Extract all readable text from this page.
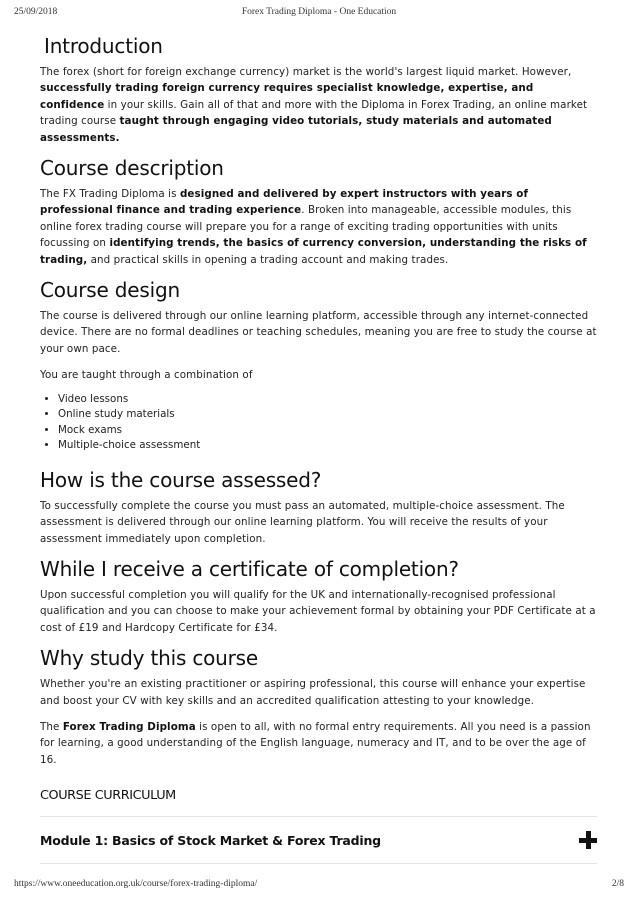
25/09/2018	Forex Trading Diploma - One Education
Introduction

The forex (short for foreign exchange currency) market is the world's largest liquid market. However, successfully trading foreign currency requires specialist knowledge, expertise, and confidence in your skills. Gain all of that and more with the Diploma in Forex Trading, an online market trading course taught through engaging video tutorials, study materials and automated assessments.

Course description

The FX Trading Diploma is designed and delivered by expert instructors with years of professional finance and trading experience. Broken into manageable, accessible modules, this online forex trading course will prepare you for a range of exciting trading opportunities with units focussing on identifying trends, the basics of currency conversion, understanding the risks of trading, and practical skills in opening a trading account and making trades.

Course design

The course is delivered through our online learning platform, accessible through any internet-connected device. There are no formal deadlines or teaching schedules, meaning you are free to study the course at your own pace.

You are taught through a combination of

• Video lessons
• Online study materials
• Mock exams
• Multiple-choice assessment
How is the course assessed?

To successfully complete the course you must pass an automated, multiple-choice assessment. The assessment is delivered through our online learning platform. You will receive the results of your assessment immediately upon completion.

While I receive a certificate of completion?

Upon successful completion you will qualify for the UK and internationally-recognised professional qualification and you can choose to make your achievement formal by obtaining your PDF Certificate at a cost of £19 and Hardcopy Certificate for £34.

Why study this course

Whether you're an existing practitioner or aspiring professional, this course will enhance your expertise and boost your CV with key skills and an accredited qualification attesting to your knowledge.

The Forex Trading Diploma is open to all, with no formal entry requirements. All you need is a passion for learning, a good understanding of the English language, numeracy and IT, and to be over the age of 16.

COURSE CURRICULUM
Module 1: Basics of Stock Market & Forex Trading
https://www.oneeducation.org.uk/course/forex-trading-diploma/	2/8
